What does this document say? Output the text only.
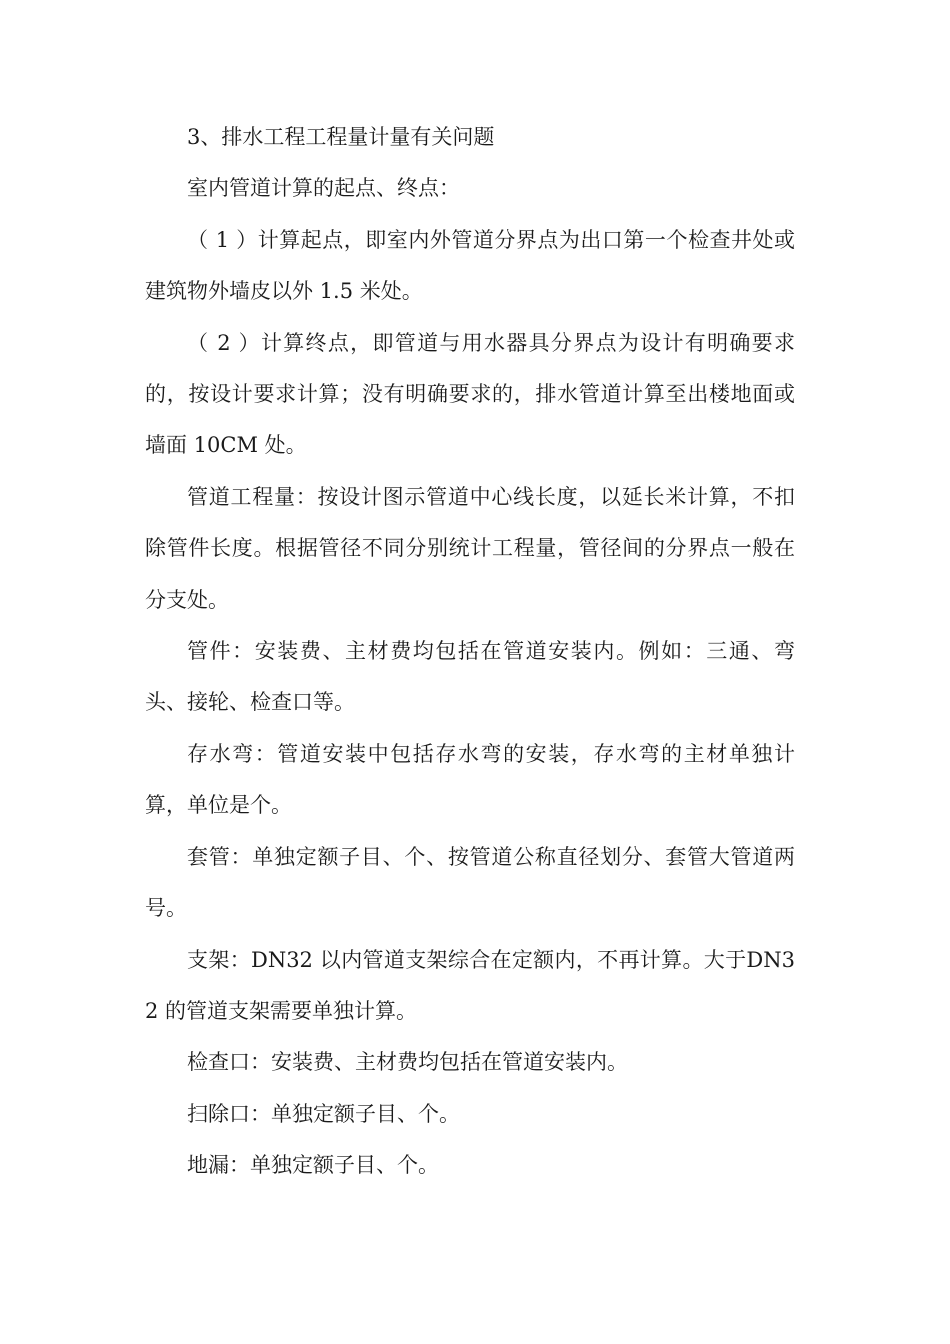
3、排水工程工程量计量有关问题

室内管道计算的起点、终点：

（ 1 ）计算起点，即室内外管道分界点为出口第一个检查井处或建筑物外墙皮以外 1.5 米处。

（ 2 ）计算终点，即管道与用水器具分界点为设计有明确要求的，按设计要求计算；没有明确要求的，排水管道计算至出楼地面或墙面 10CM 处。

管道工程量：按设计图示管道中心线长度，以延长米计算，不扣除管件长度。根据管径不同分别统计工程量，管径间的分界点一般在分支处。

管件：安装费、主材费均包括在管道安装内。例如：三通、弯头、接轮、检查口等。

存水弯：管道安装中包括存水弯的安装，存水弯的主材单独计算，单位是个。

套管：单独定额子目、个、按管道公称直径划分、套管大管道两号。

支架：DN32 以内管道支架综合在定额内，不再计算。大于DN32 的管道支架需要单独计算。

检查口：安装费、主材费均包括在管道安装内。

扫除口：单独定额子目、个。

地漏：单独定额子目、个。
